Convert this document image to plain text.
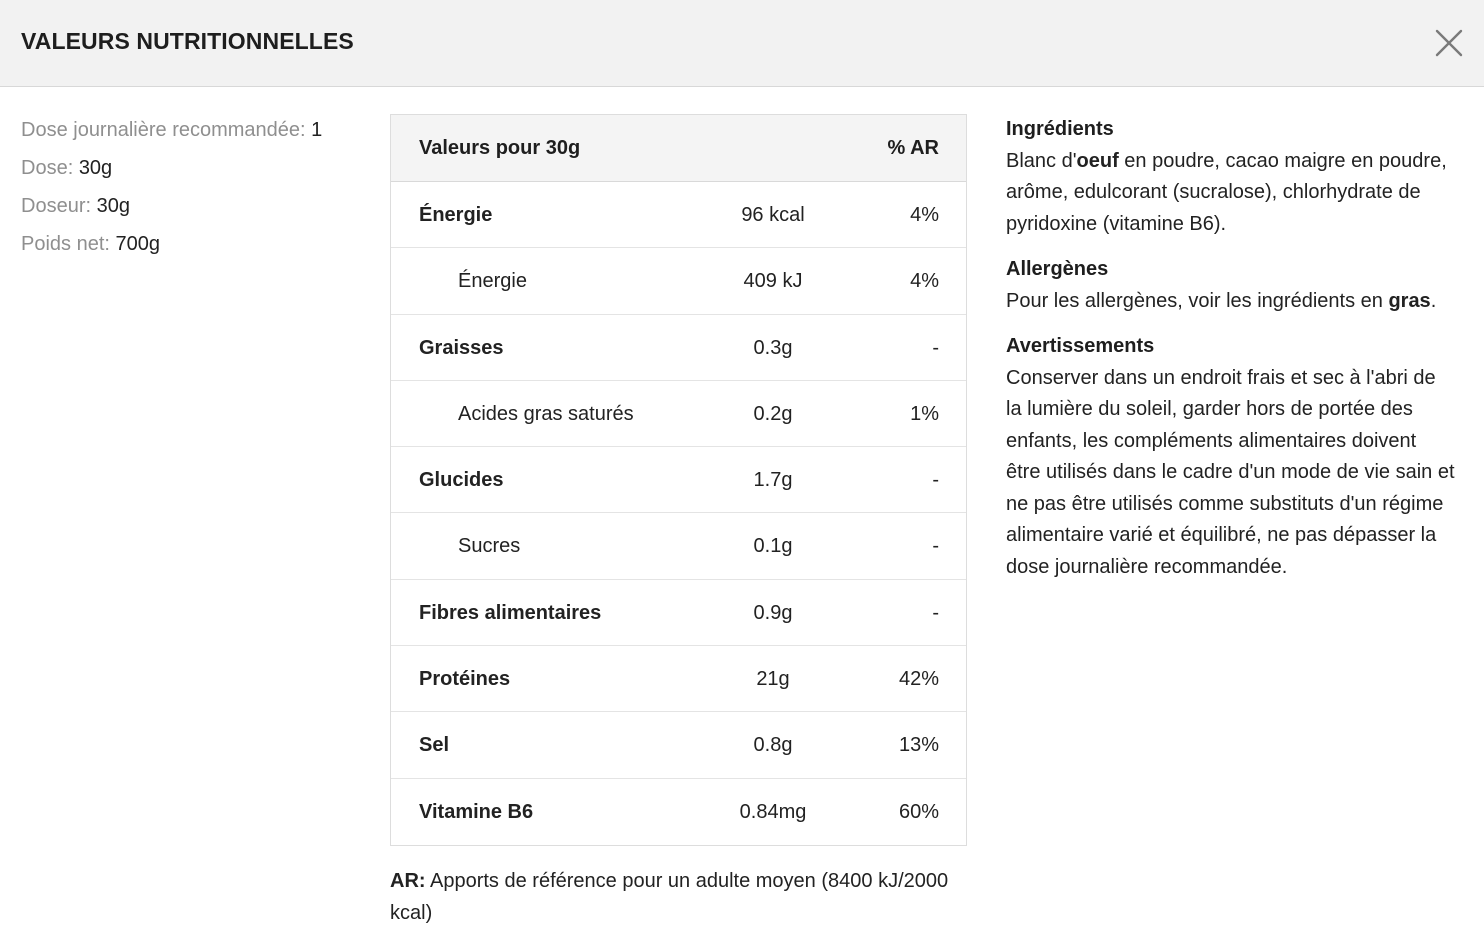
VALEURS NUTRITIONNELLES
Dose journalière recommandée: 1
Dose: 30g
Doseur: 30g
Poids net: 700g
Valeurs pour 30g	% AR
Énergie	96 kcal	4%
Énergie	409 kJ	4%
Graisses	0.3g	-
Acides gras saturés	0.2g	1%
Glucides	1.7g	-
Sucres	0.1g	-
Fibres alimentaires	0.9g	-
Protéines	21g	42%
Sel	0.8g	13%
Vitamine B6	0.84mg	60%
AR: Apports de référence pour un adulte moyen (8400 kJ/2000 kcal)
Ingrédients
Blanc d'oeuf en poudre, cacao maigre en poudre, arôme, edulcorant (sucralose), chlorhydrate de pyridoxine (vitamine B6).
Allergènes
Pour les allergènes, voir les ingrédients en gras.
Avertissements
Conserver dans un endroit frais et sec à l'abri de la lumière du soleil, garder hors de portée des enfants, les compléments alimentaires doivent être utilisés dans le cadre d'un mode de vie sain et ne pas être utilisés comme substituts d'un régime alimentaire varié et équilibré, ne pas dépasser la dose journalière recommandée.
